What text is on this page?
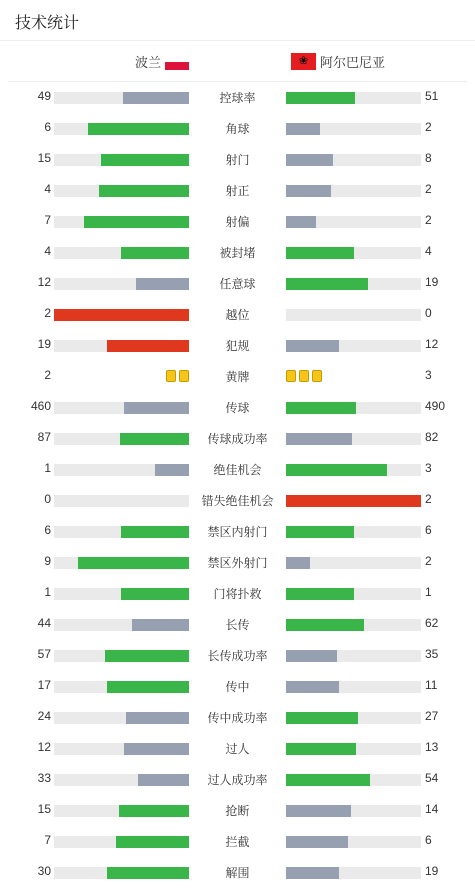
技术统计
波兰	❀ 阿尔巴尼亚
49	控球率	51
6	角球	2
15	射门	8
4	射正	2
7	射偏	2
4	被封堵	4
12	任意球	19
2	越位	0
19	犯规	12
2	黄牌	3
460	传球	490
87	传球成功率	82
1	绝佳机会	3
0	错失绝佳机会	2
6	禁区内射门	6
9	禁区外射门	2
1	门将扑救	1
44	长传	62
57	长传成功率	35
17	传中	11
24	传中成功率	27
12	过人	13
33	过人成功率	54
15	抢断	14
7	拦截	6
30	解围	19
